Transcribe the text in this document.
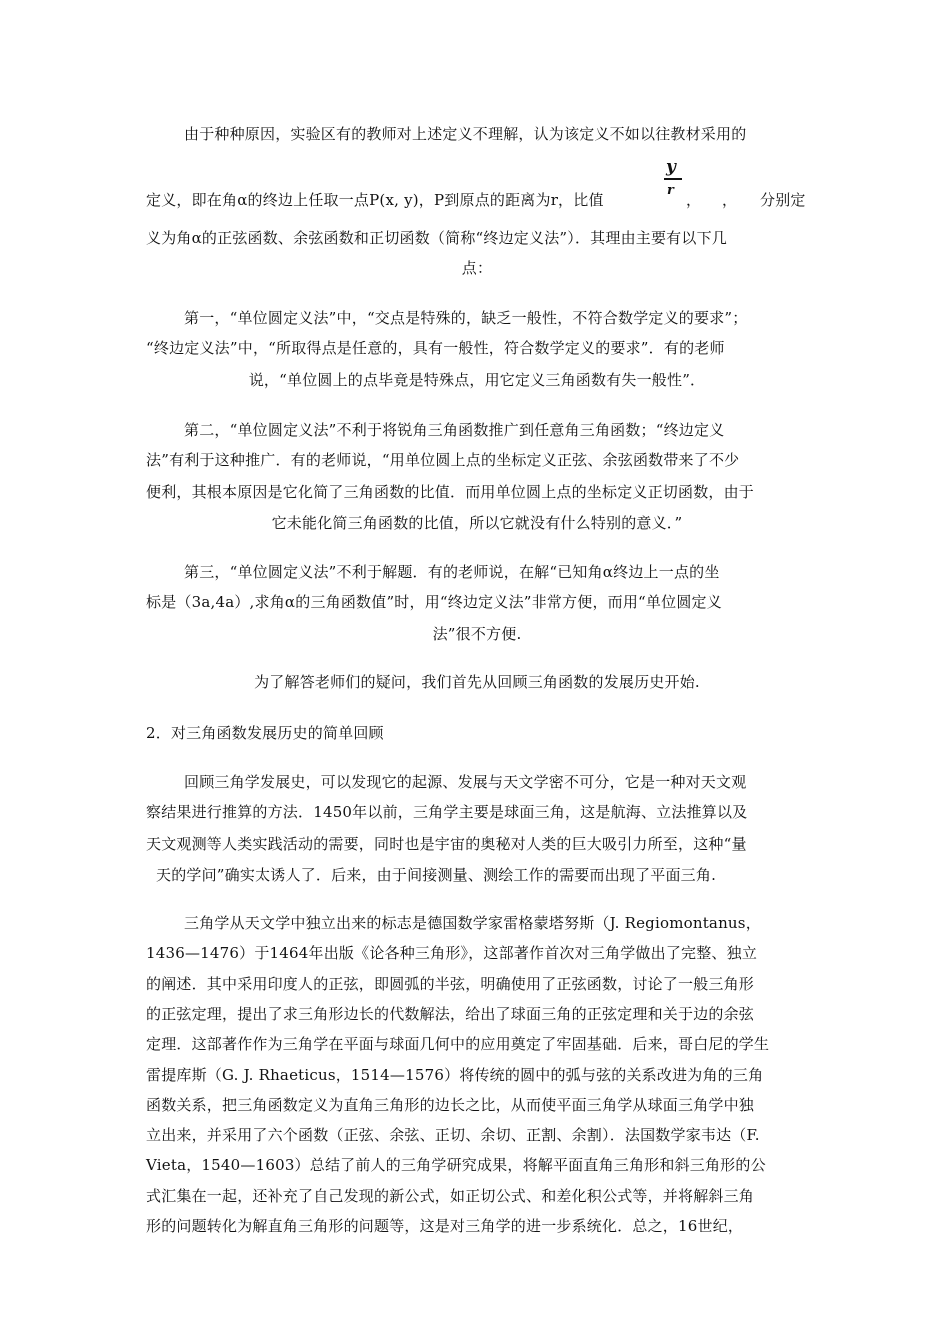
由于种种原因，实验区有的教师对上述定义不理解，认为该定义不如以往教材采用的
y
r
定义，即在角α的终边上任取一点P(x, y)，P到原点的距离为r，比值	， ， 分别定
义为角α的正弦函数、余弦函数和正切函数（简称“终边定义法”）．其理由主要有以下几
点：
第一，“单位圆定义法”中，“交点是特殊的，缺乏一般性，不符合数学定义的要求”；
“终边定义法”中，“所取得点是任意的，具有一般性，符合数学定义的要求”．有的老师
说，“单位圆上的点毕竟是特殊点，用它定义三角函数有失一般性”．
第二，“单位圆定义法”不利于将锐角三角函数推广到任意角三角函数；“终边定义
法”有利于这种推广．有的老师说，“用单位圆上点的坐标定义正弦、余弦函数带来了不少
便利，其根本原因是它化简了三角函数的比值．而用单位圆上点的坐标定义正切函数，由于
它未能化简三角函数的比值，所以它就没有什么特别的意义．”
第三，“单位圆定义法”不利于解题．有的老师说，在解“已知角α终边上一点的坐
标是（3a,4a）,求角α的三角函数值”时，用“终边定义法”非常方便，而用“单位圆定义
法”很不方便.
为了解答老师们的疑问，我们首先从回顾三角函数的发展历史开始.
2．对三角函数发展历史的简单回顾
回顾三角学发展史，可以发现它的起源、发展与天文学密不可分，它是一种对天文观
察结果进行推算的方法．1450年以前，三角学主要是球面三角，这是航海、立法推算以及
天文观测等人类实践活动的需要，同时也是宇宙的奥秘对人类的巨大吸引力所至，这种“量
天的学问”确实太诱人了．后来，由于间接测量、测绘工作的需要而出现了平面三角.
三角学从天文学中独立出来的标志是德国数学家雷格蒙塔努斯（J. Regiomontanus，
1436—1476）于1464年出版《论各种三角形》，这部著作首次对三角学做出了完整、独立
的阐述．其中采用印度人的正弦，即圆弧的半弦，明确使用了正弦函数，讨论了一般三角形
的正弦定理，提出了求三角形边长的代数解法，给出了球面三角的正弦定理和关于边的余弦
定理．这部著作作为三角学在平面与球面几何中的应用奠定了牢固基础．后来，哥白尼的学生
雷提库斯（G. J. Rhaeticus，1514—1576）将传统的圆中的弧与弦的关系改进为角的三角
函数关系，把三角函数定义为直角三角形的边长之比，从而使平面三角学从球面三角学中独
立出来，并采用了六个函数（正弦、余弦、正切、余切、正割、余割）．法国数学家韦达（F.
Vieta，1540—1603）总结了前人的三角学研究成果，将解平面直角三角形和斜三角形的公
式汇集在一起，还补充了自己发现的新公式，如正切公式、和差化积公式等，并将解斜三角
形的问题转化为解直角三角形的问题等，这是对三角学的进一步系统化．总之，16世纪，
